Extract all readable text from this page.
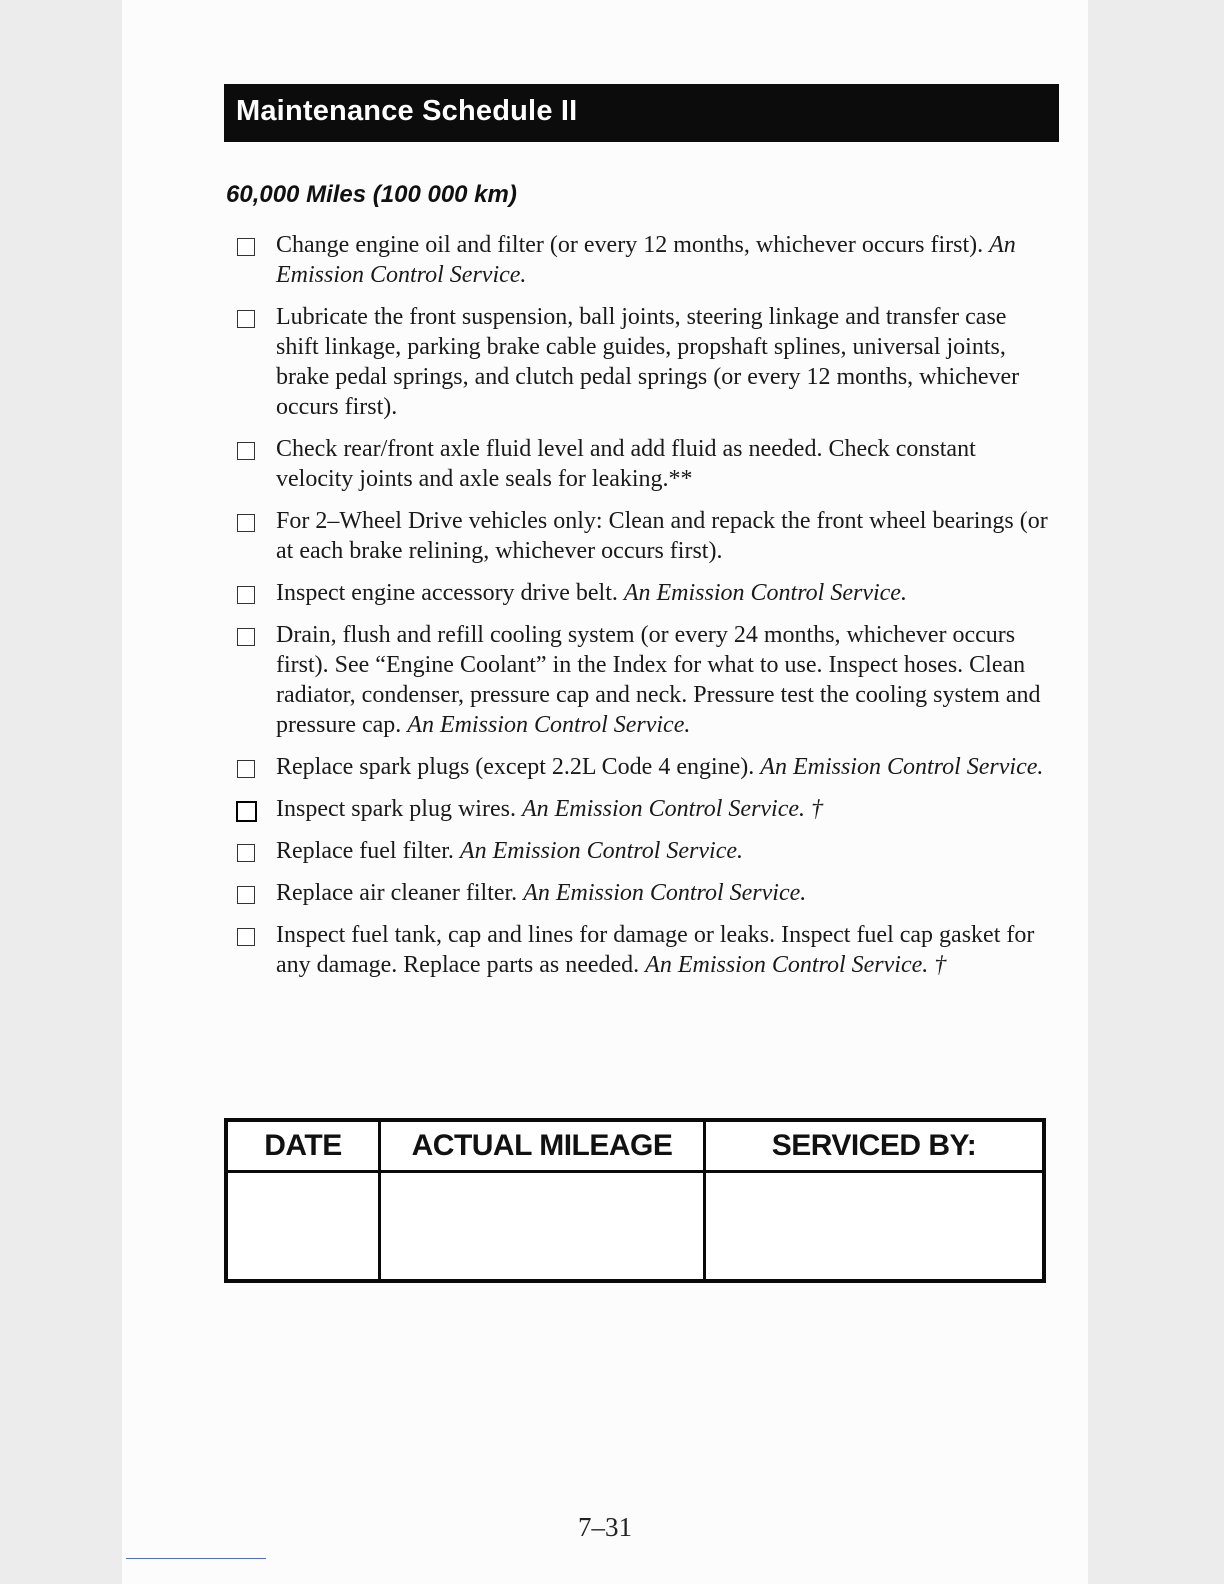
Maintenance Schedule II
60,000 Miles (100 000 km)
Change engine oil and filter (or every 12 months, whichever occurs first). An Emission Control Service.
Lubricate the front suspension, ball joints, steering linkage and transfer case shift linkage, parking brake cable guides, propshaft splines, universal joints, brake pedal springs, and clutch pedal springs (or every 12 months, whichever occurs first).
Check rear/front axle fluid level and add fluid as needed. Check constant velocity joints and axle seals for leaking.**
For 2–Wheel Drive vehicles only: Clean and repack the front wheel bearings (or at each brake relining, whichever occurs first).
Inspect engine accessory drive belt. An Emission Control Service.
Drain, flush and refill cooling system (or every 24 months, whichever occurs first). See “Engine Coolant” in the Index for what to use. Inspect hoses. Clean radiator, condenser, pressure cap and neck. Pressure test the cooling system and pressure cap. An Emission Control Service.
Replace spark plugs (except 2.2L Code 4 engine). An Emission Control Service.
Inspect spark plug wires. An Emission Control Service. †
Replace fuel filter. An Emission Control Service.
Replace air cleaner filter. An Emission Control Service.
Inspect fuel tank, cap and lines for damage or leaks. Inspect fuel cap gasket for any damage. Replace parts as needed. An Emission Control Service. †
DATE	ACTUAL MILEAGE	SERVICED BY:

7–31
